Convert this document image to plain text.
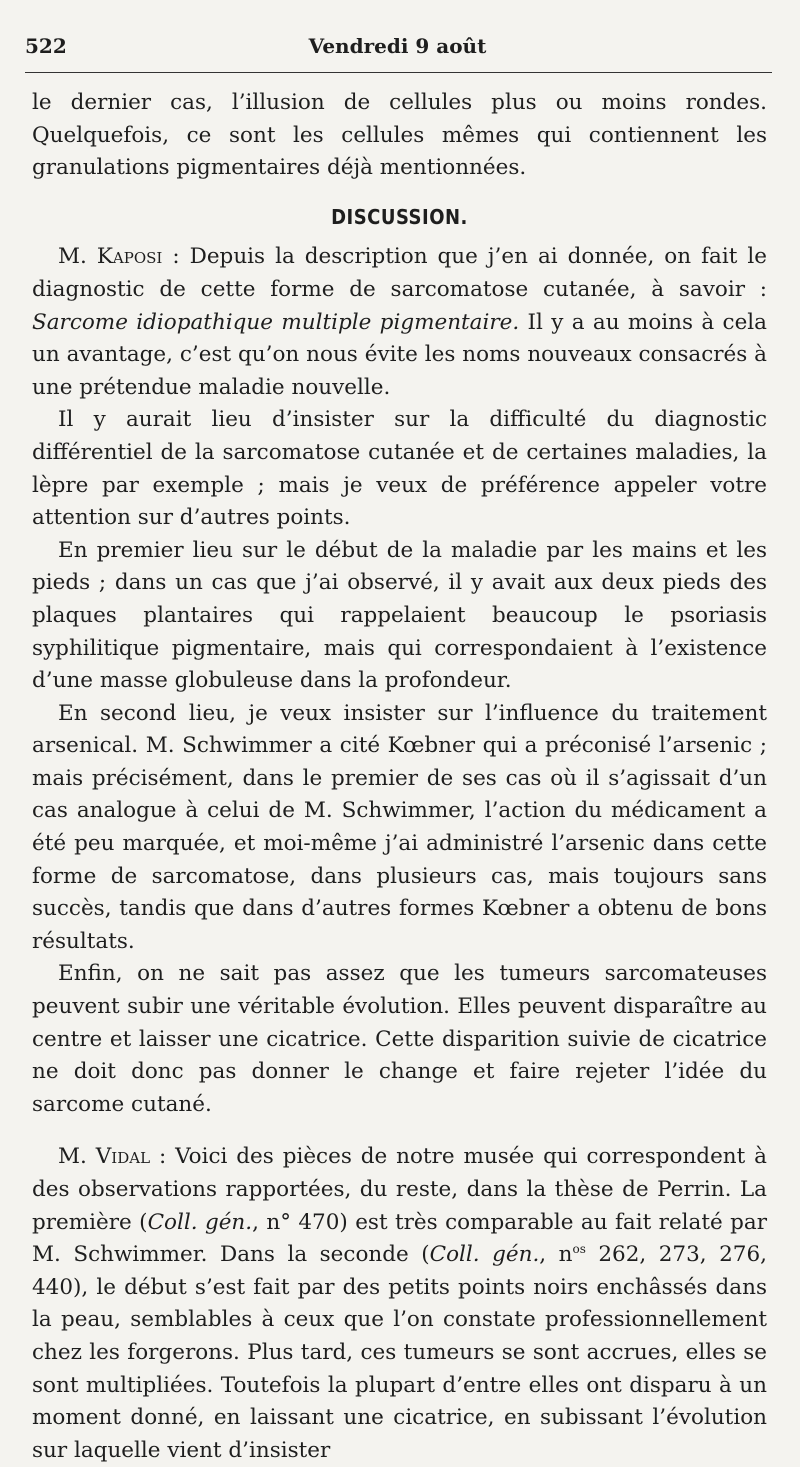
522	Vendredi 9 août

le dernier cas, l’illusion de cellules plus ou moins rondes. Quelquefois, ce sont les cellules mêmes qui contiennent les granulations pigmentaires déjà mentionnées.

DISCUSSION.

M. Kaposi : Depuis la description que j’en ai donnée, on fait le diagnostic de cette forme de sarcomatose cutanée, à savoir : Sarcome idiopathique multiple pigmentaire. Il y a au moins à cela un avantage, c’est qu’on nous évite les noms nouveaux consacrés à une prétendue maladie nouvelle.

Il y aurait lieu d’insister sur la difficulté du diagnostic différentiel de la sarcomatose cutanée et de certaines maladies, la lèpre par exemple ; mais je veux de préférence appeler votre attention sur d’autres points.

En premier lieu sur le début de la maladie par les mains et les pieds ; dans un cas que j’ai observé, il y avait aux deux pieds des plaques plantaires qui rappelaient beaucoup le psoriasis syphilitique pigmentaire, mais qui correspondaient à l’existence d’une masse globuleuse dans la profondeur.

En second lieu, je veux insister sur l’influence du traitement arsenical. M. Schwimmer a cité Kœbner qui a préconisé l’arsenic ; mais précisément, dans le premier de ses cas où il s’agissait d’un cas analogue à celui de M. Schwimmer, l’action du médicament a été peu marquée, et moi-même j’ai administré l’arsenic dans cette forme de sarcomatose, dans plusieurs cas, mais toujours sans succès, tandis que dans d’autres formes Kœbner a obtenu de bons résultats.

Enfin, on ne sait pas assez que les tumeurs sarcomateuses peuvent subir une véritable évolution. Elles peuvent disparaître au centre et laisser une cicatrice. Cette disparition suivie de cicatrice ne doit donc pas donner le change et faire rejeter l’idée du sarcome cutané.

M. Vidal : Voici des pièces de notre musée qui correspondent à des observations rapportées, du reste, dans la thèse de Perrin. La première (Coll. gén., n° 470) est très comparable au fait relaté par M. Schwimmer. Dans la seconde (Coll. gén., $n^{os}$ 262, 273, 276, 440), le début s’est fait par des petits points noirs enchâssés dans la peau, semblables à ceux que l’on constate professionnellement chez les forgerons. Plus tard, ces tumeurs se sont accrues, elles se sont multipliées. Toutefois la plupart d’entre elles ont disparu à un moment donné, en laissant une cicatrice, en subissant l’évolution sur laquelle vient d’insister
